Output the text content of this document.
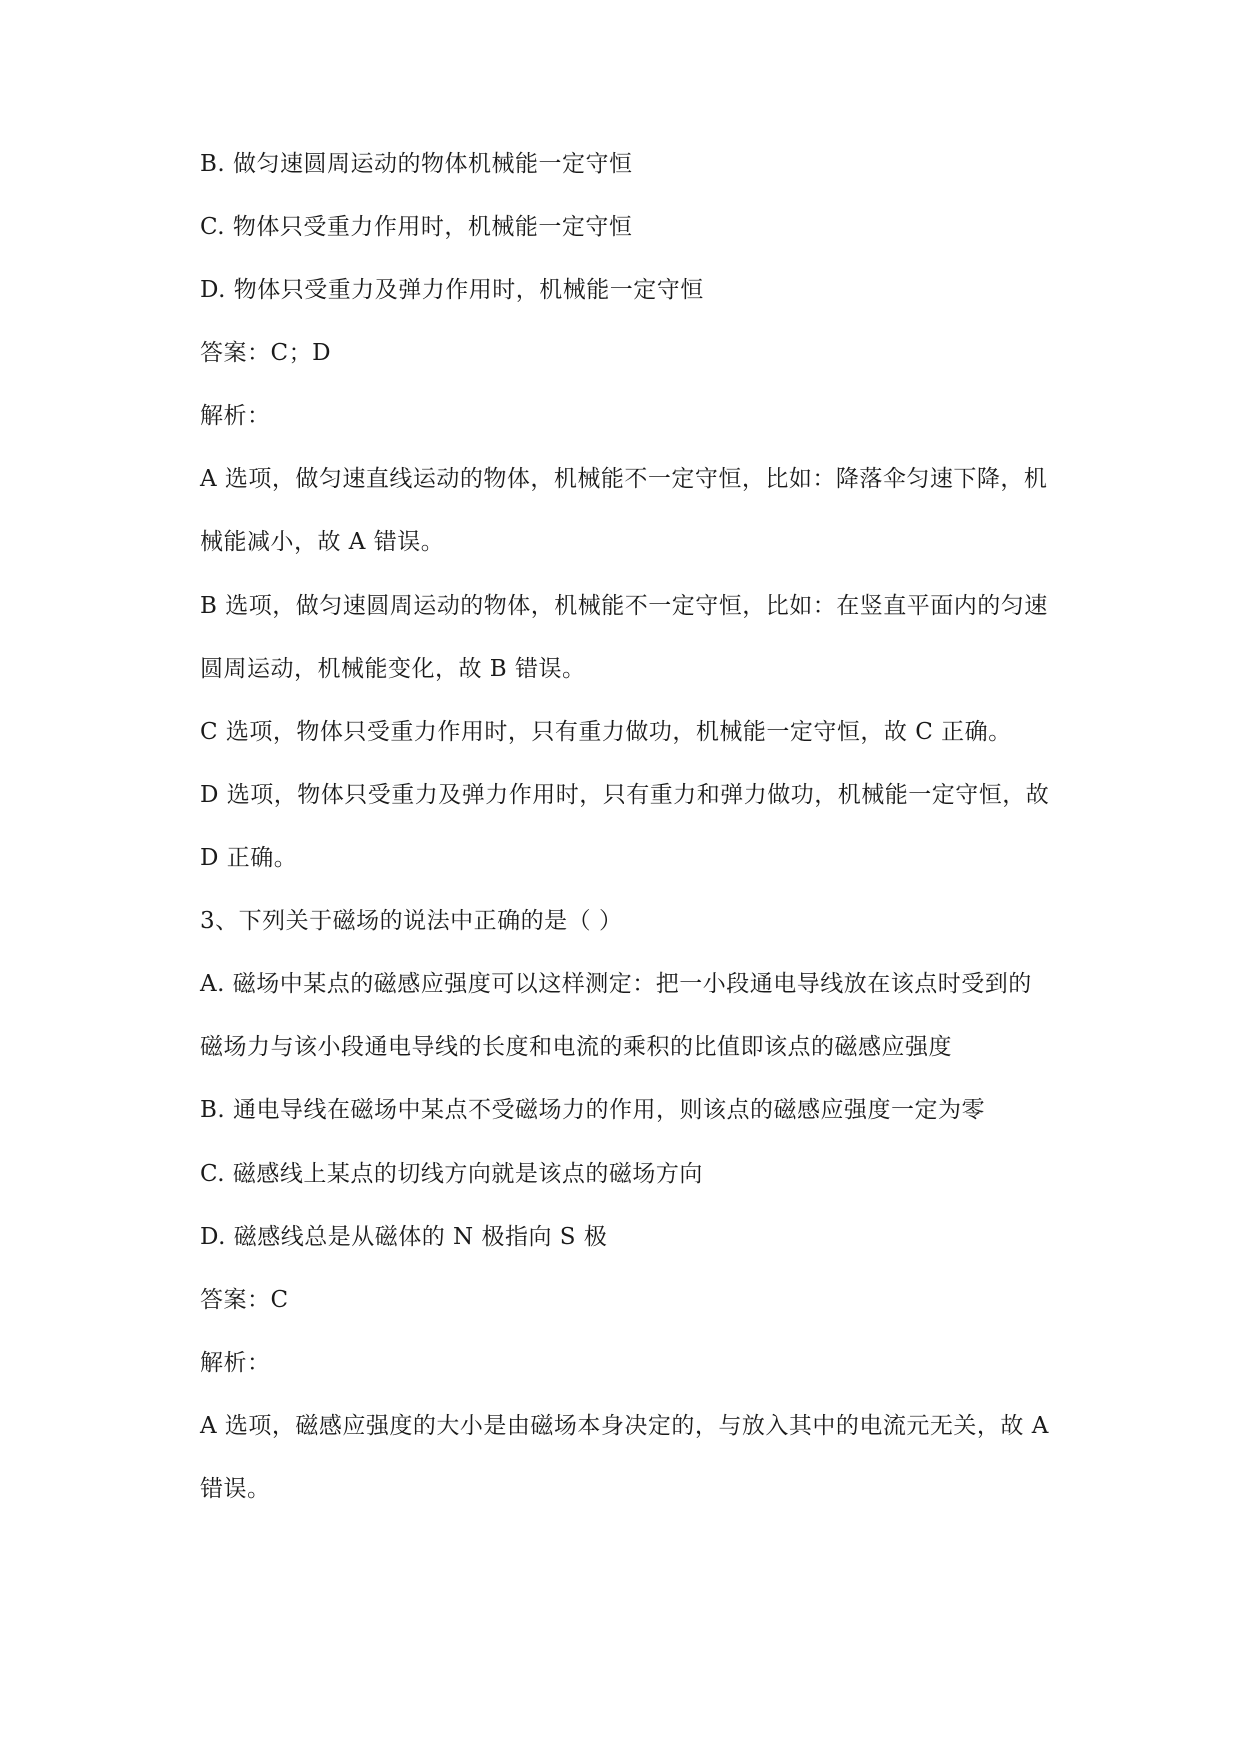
B. 做匀速圆周运动的物体机械能一定守恒
C. 物体只受重力作用时，机械能一定守恒
D. 物体只受重力及弹力作用时，机械能一定守恒
答案：C；D
解析：
A 选项，做匀速直线运动的物体，机械能不一定守恒，比如：降落伞匀速下降，机
械能减小，故 A 错误。
B 选项，做匀速圆周运动的物体，机械能不一定守恒，比如：在竖直平面内的匀速
圆周运动，机械能变化，故 B 错误。
C 选项，物体只受重力作用时，只有重力做功，机械能一定守恒，故 C 正确。
D 选项，物体只受重力及弹力作用时，只有重力和弹力做功，机械能一定守恒，故
D 正确。
3、下列关于磁场的说法中正确的是（ ）
A. 磁场中某点的磁感应强度可以这样测定：把一小段通电导线放在该点时受到的
磁场力与该小段通电导线的长度和电流的乘积的比值即该点的磁感应强度
B. 通电导线在磁场中某点不受磁场力的作用，则该点的磁感应强度一定为零
C. 磁感线上某点的切线方向就是该点的磁场方向
D. 磁感线总是从磁体的 N 极指向 S 极
答案：C
解析：
A 选项，磁感应强度的大小是由磁场本身决定的，与放入其中的电流元无关，故 A
错误。
